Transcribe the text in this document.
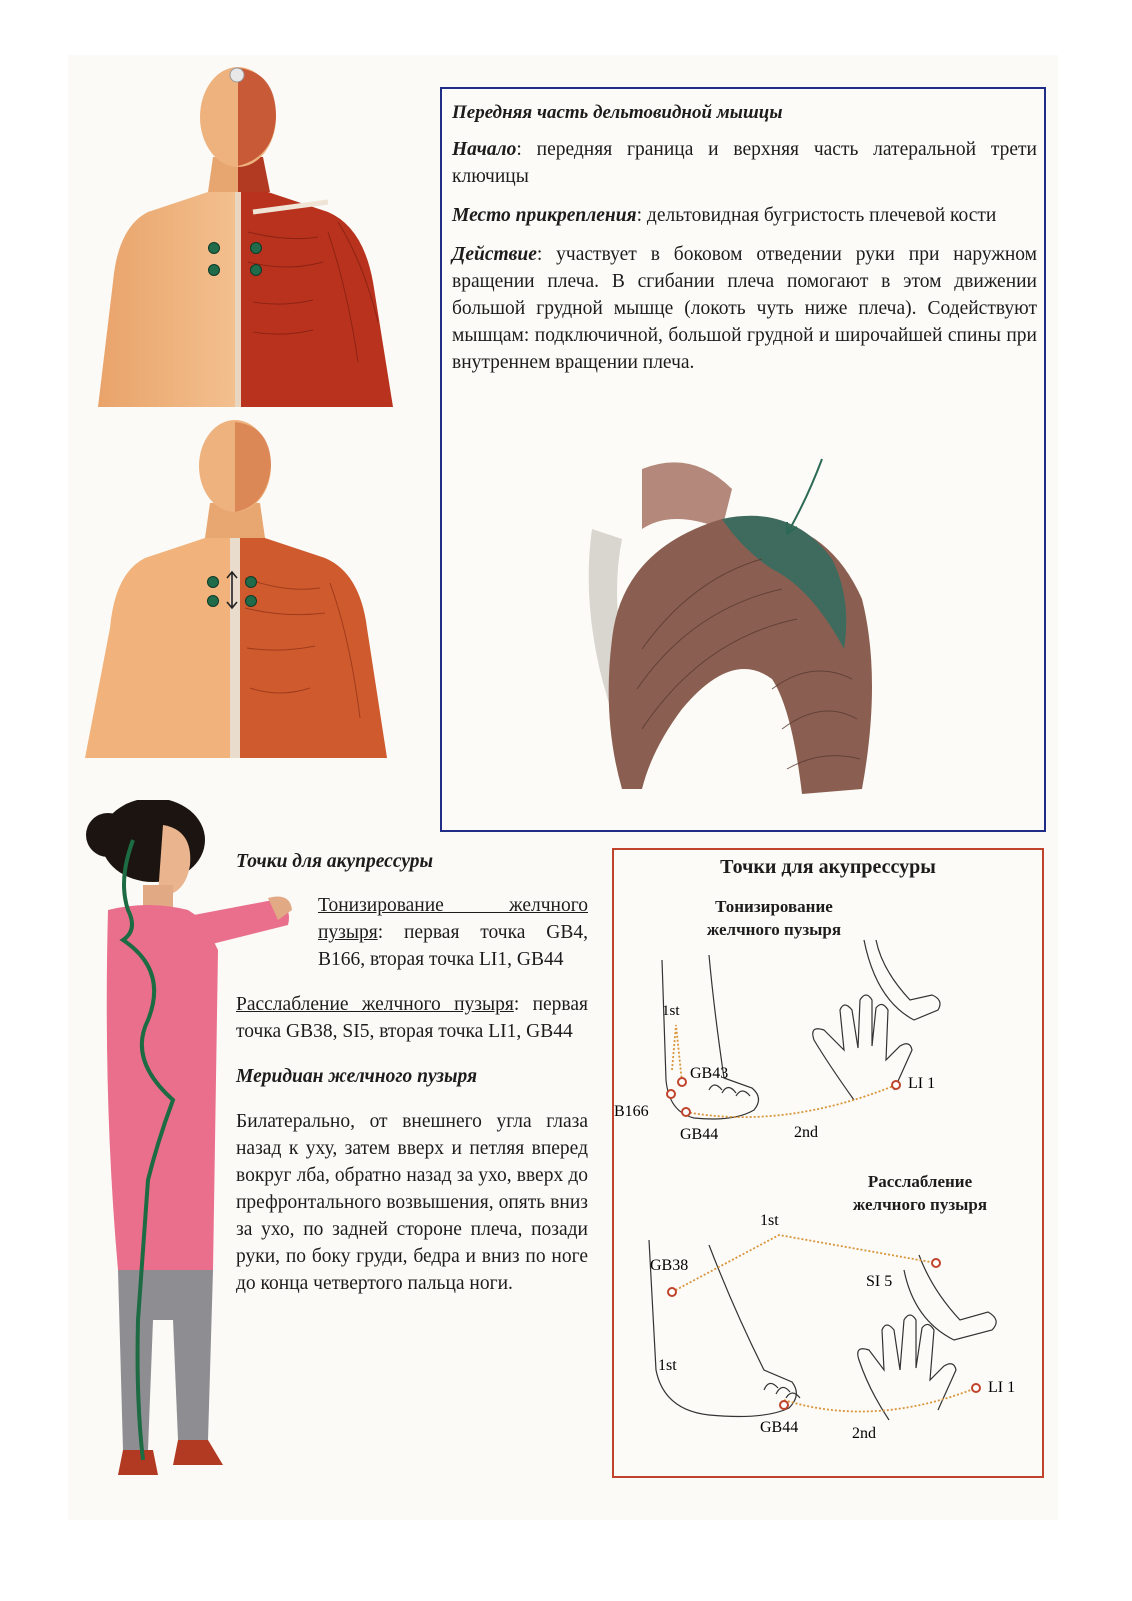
Передняя часть дельтовидной мышцы

Начало: передняя граница и верхняя часть латеральной трети ключицы

Место прикрепления: дельтовидная бугристость плечевой кости

Действие: участвует в боковом отведении руки при наружном вращении плеча. В сгибании плеча помогают в этом движении большой грудной мышце (локоть чуть ниже плеча). Содействуют мышцам: подключичной, большой грудной и широчайшей спины при внутреннем вращении плеча.

Точки для акупрессуры

Тонизирование желчного пузыря: первая точка GB4, B166, вторая точка LI1, GB44

Расслабление желчного пузыря: первая точка GB38, SI5, вторая точка LI1, GB44

Меридиан желчного пузыря

Билатерально, от внешнего угла глаза назад к уху, затем вверх и петляя вперед вокруг лба, обратно назад за ухо, вверх до префронтального возвышения, опять вниз за ухо, по задней стороне плеча, позади руки, по боку груди, бедра и вниз по ноге до конца четвертого пальца ноги.

Точки для акупрессуры
Тонизирование
желчного пузыря
Расслабление
желчного пузыря
1st
GB43
B166
GB44	2nd
LI 1
1st
GB38
SI 5
1st
GB44	2nd
LI 1
